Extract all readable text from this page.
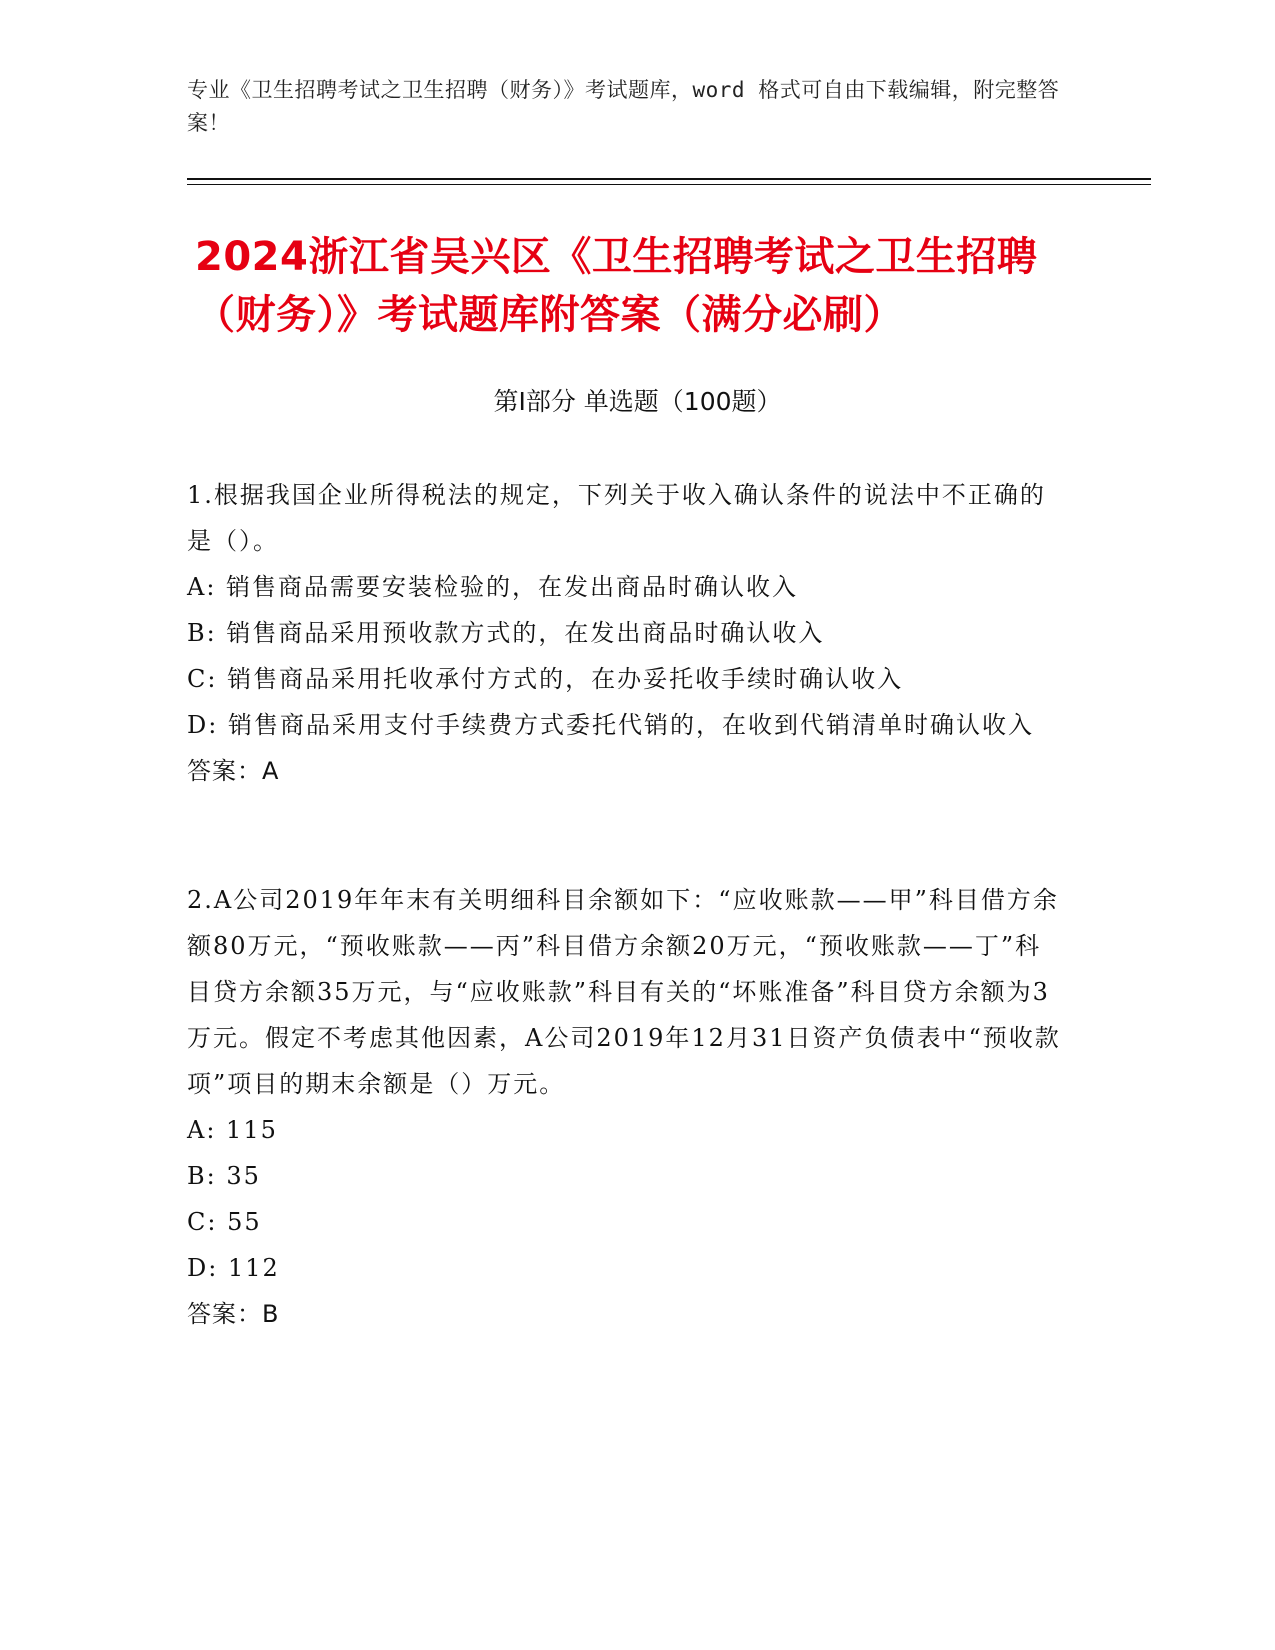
专业《卫生招聘考试之卫生招聘（财务）》考试题库，word 格式可自由下载编辑，附完整答案！
2024浙江省吴兴区《卫生招聘考试之卫生招聘（财务）》考试题库附答案（满分必刷）
第Ⅰ部分 单选题（100题）

1.根据我国企业所得税法的规定，下列关于收入确认条件的说法中不正确的是（）。

A: 销售商品需要安装检验的，在发出商品时确认收入

B: 销售商品采用预收款方式的，在发出商品时确认收入

C: 销售商品采用托收承付方式的，在办妥托收手续时确认收入

D: 销售商品采用支付手续费方式委托代销的，在收到代销清单时确认收入

答案：A

2.A公司2019年年末有关明细科目余额如下：“应收账款——甲”科目借方余额80万元，“预收账款——丙”科目借方余额20万元，“预收账款——丁”科目贷方余额35万元，与“应收账款”科目有关的“坏账准备”科目贷方余额为3万元。假定不考虑其他因素，A公司2019年12月31日资产负债表中“预收款项”项目的期末余额是（）万元。

A: 115

B: 35

C: 55

D: 112

答案：B
